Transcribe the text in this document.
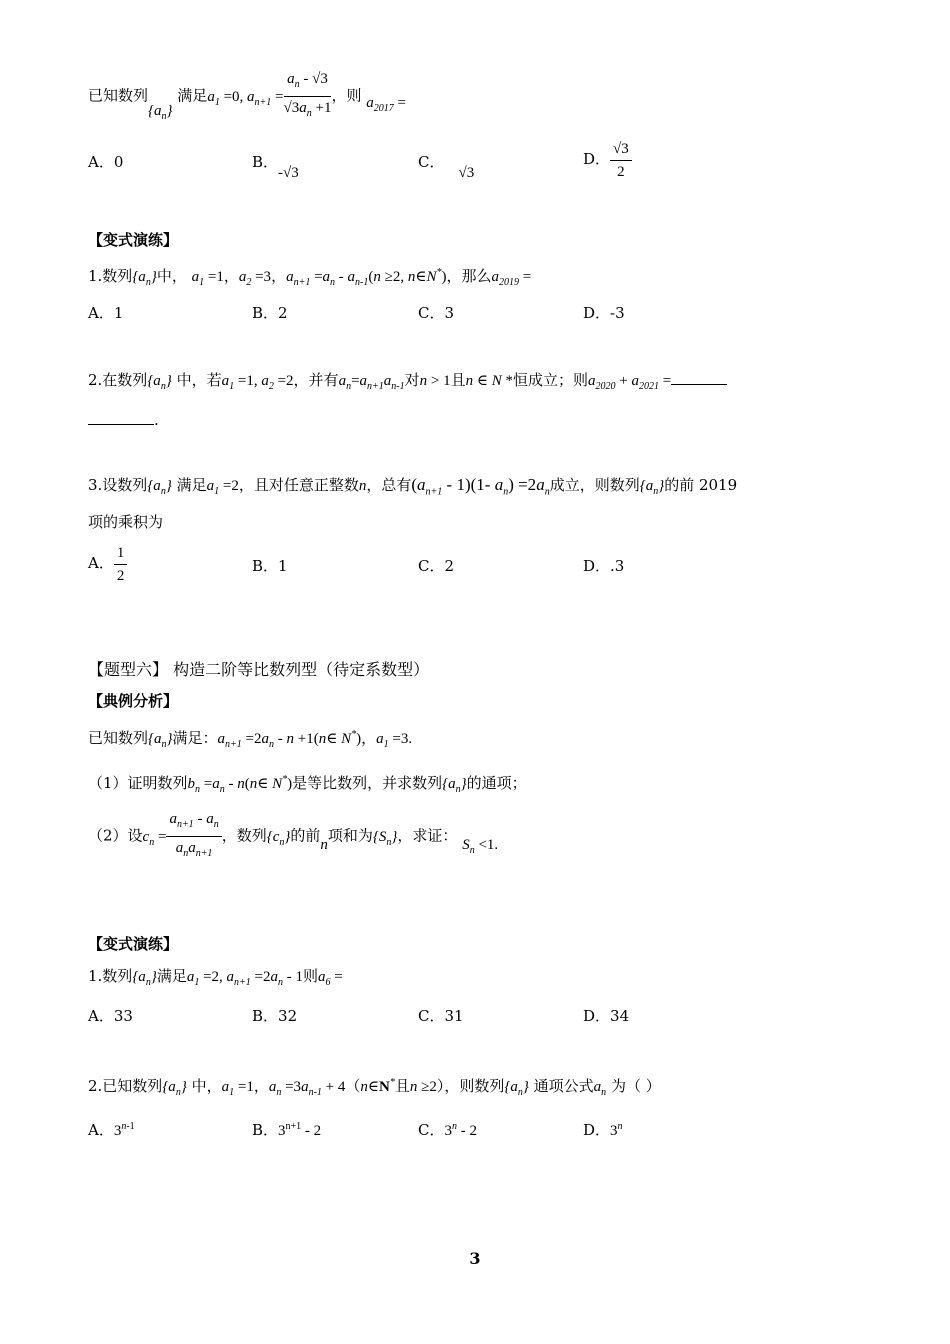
已知数列$\{a_n\}$ 满足$a_1 =0$, $a_{n+1} = \frac{a_n - √3}{√3a_n +1}$ ，则 $a_{2017}$ =
A．0	B．-√3
C．√3
D． $\frac{√3}{2}$
【变式演练】
1.数列$\{a_n\}$中， $a_1 =1$，$a_2 =3$，$a_{n+1} =a_n - a_{n-1}(n \ge 2$, n∈N*)，那么$a_{2019}$ =
A．1	B．2	C．3	D．-3
2.在数列$\{a_n\}$ 中，若$a_1 =1$, $a_2 =2$，并有$a_n=a_{n+1}a_{n-1}$对n > 1且n ∈ N *恒成立；则$a_{2020} + a_{2021}$ =
.
3.设数列$\{a_n\}$ 满足$a_1 =2$，且对任意正整数n，总有$(a_{n+1} - 1)(1-$ $a_n) =2a_n$成立，则数列$\{a_n\}$的前 2019
项的乘积为
A． $\frac{1}{2}$	B．1	C．2	D．.3
【题型六】 构造二阶等比数列型（待定系数型）
【典例分析】
已知数列$\{a_n\}$满足：$a_{n+1} =2a_n - n$ +1(n∈ N*)，$a_1 =3$.
（1）证明数列$b_n =a_n$ - n(n∈ N*)是等比数列，并求数列$\{a_n\}$的通项；
（2）设$c_n = \frac{a_{n+1} - a_n}{a_na_{n+1}}$ ，数列$\{c_n\}$的前n项和为$\{S_n\}$，求证： $S_n <1$.
【变式演练】
1.数列$\{a_n\}$满足$a_1 =2$, $a_{n+1} =2a_n - 1$则$a_6$ =
A．33	B．32	C．31	D．34
2.已知数列$\{a_n\}$ 中，$a_1 =1$，$a_n =3a_{n-1}$ + 4（n∈N*且n ≥2），则数列$\{a_n\}$ 通项公式$a_n$ 为（ ）
A．3$^{n-1}$	B．$3^{n+1} - 2$	C．3$^n$ - 2	D．3$^n$
3
